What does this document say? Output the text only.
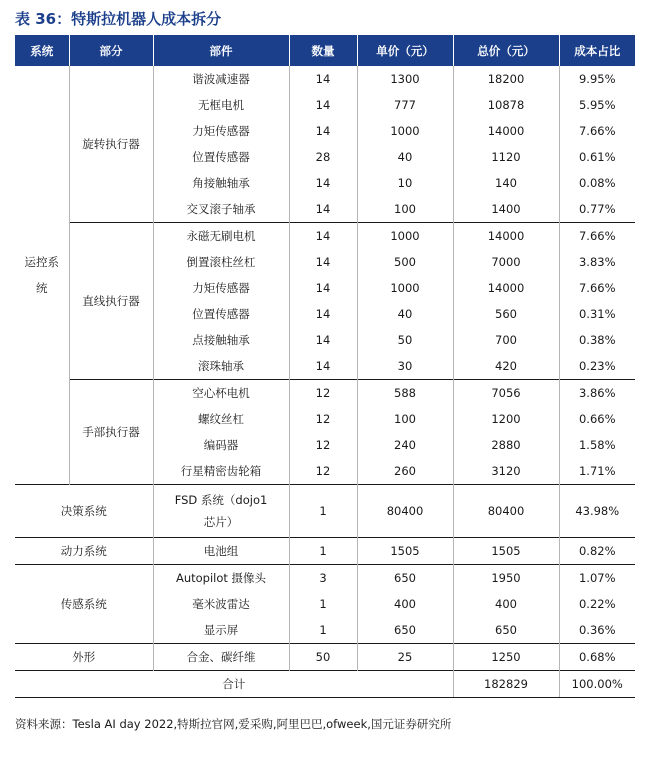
表 36：特斯拉机器人成本拆分
系统	部分	部件	数量	单价（元）	总价（元）	成本占比
运控系统	旋转执行器	谐波减速器	14	1300	18200	9.95%
		无框电机	14	777	10878	5.95%
		力矩传感器	14	1000	14000	7.66%
		位置传感器	28	40	1120	0.61%
		角接触轴承	14	10	140	0.08%
		交叉滚子轴承	14	100	1400	0.77%
	直线执行器	永磁无刷电机	14	1000	14000	7.66%
		倒置滚柱丝杠	14	500	7000	3.83%
		力矩传感器	14	1000	14000	7.66%
		位置传感器	14	40	560	0.31%
		点接触轴承	14	50	700	0.38%
		滚珠轴承	14	30	420	0.23%
	手部执行器	空心杯电机	12	588	7056	3.86%
		螺纹丝杠	12	100	1200	0.66%
		编码器	12	240	2880	1.58%
		行星精密齿轮箱	12	260	3120	1.71%
决策系统		FSD 系统（dojo1 芯片）	1	80400	80400	43.98%
动力系统		电池组	1	1505	1505	0.82%
传感系统		Autopilot 摄像头	3	650	1950	1.07%
		毫米波雷达	1	400	400	0.22%
		显示屏	1	650	650	0.36%
外形		合金、碳纤维	50	25	1250	0.68%
合计					182829	100.00%
资料来源：Tesla AI day 2022,特斯拉官网,爱采购,阿里巴巴,ofweek,国元证券研究所
